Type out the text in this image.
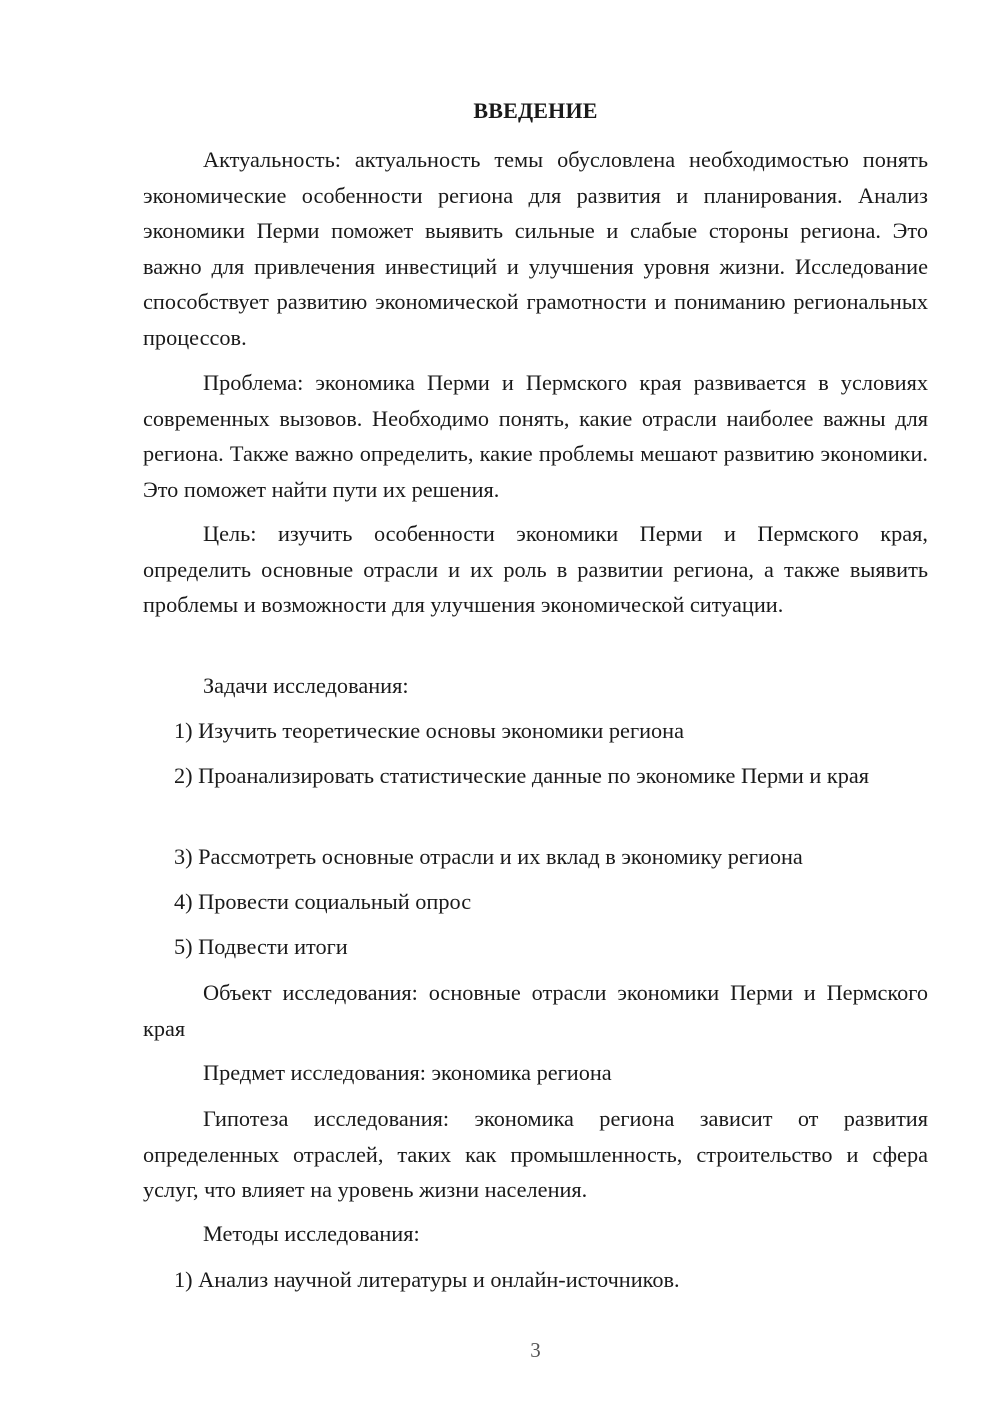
ВВЕДЕНИЕ

Актуальность: актуальность темы обусловлена необходимостью понять экономические особенности региона для развития и планирования. Анализ экономики Перми поможет выявить сильные и слабые стороны региона. Это важно для привлечения инвестиций и улучшения уровня жизни. Исследование способствует развитию экономической грамотности и пониманию региональных процессов.

Проблема: экономика Перми и Пермского края развивается в условиях современных вызовов. Необходимо понять, какие отрасли наиболее важны для региона. Также важно определить, какие проблемы мешают развитию экономики. Это поможет найти пути их решения.

Цель: изучить особенности экономики Перми и Пермского края, определить основные отрасли и их роль в развитии региона, а также выявить проблемы и возможности для улучшения экономической ситуации.

Задачи исследования:

1) Изучить теоретические основы экономики региона

2) Проанализировать статистические данные по экономике Перми и края

3) Рассмотреть основные отрасли и их вклад в экономику региона

4) Провести социальный опрос

5) Подвести итоги

Объект исследования: основные отрасли экономики Перми и Пермского края

Предмет исследования: экономика региона

Гипотеза исследования: экономика региона зависит от развития определенных отраслей, таких как промышленность, строительство и сфера услуг, что влияет на уровень жизни населения.

Методы исследования:

1) Анализ научной литературы и онлайн-источников.

3
